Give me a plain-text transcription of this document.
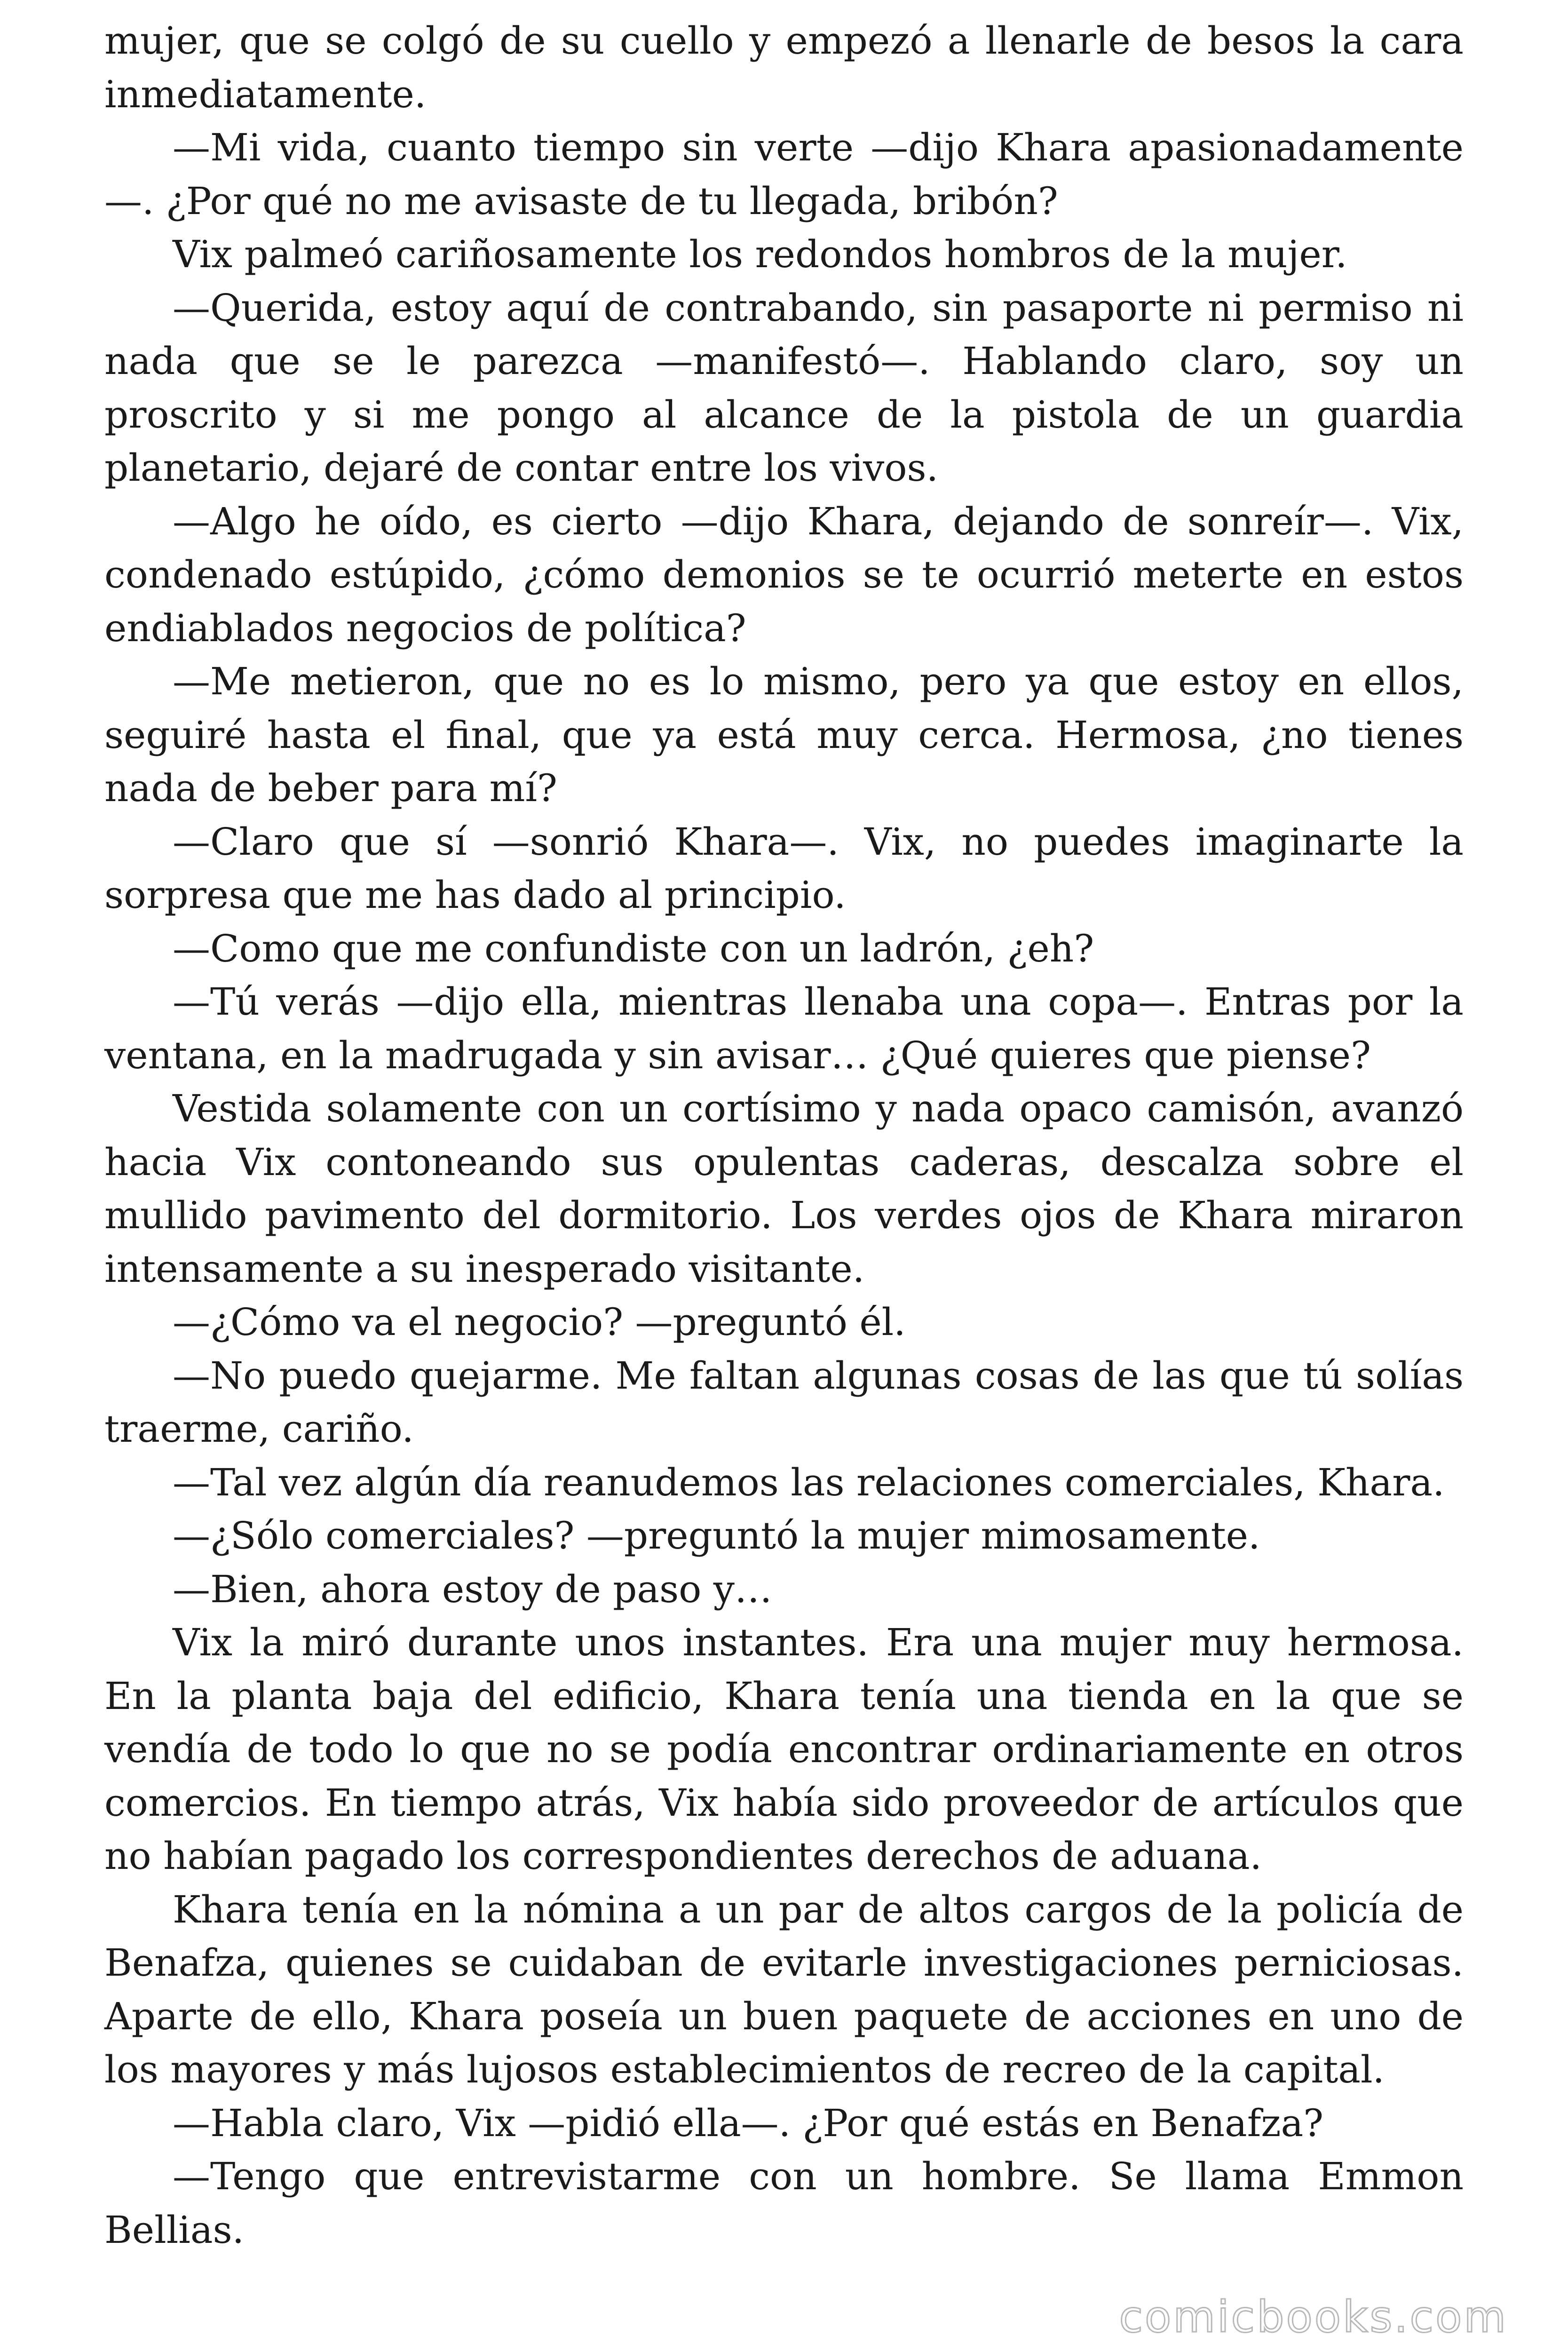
mujer, que se colgó de su cuello y empezó a llenarle de besos la cara inmediatamente.

—Mi vida, cuanto tiempo sin verte —dijo Khara apasionadamente —. ¿Por qué no me avisaste de tu llegada, bribón?

Vix palmeó cariñosamente los redondos hombros de la mujer.

—Querida, estoy aquí de contrabando, sin pasaporte ni permiso ni nada que se le parezca —manifestó—. Hablando claro, soy un proscrito y si me pongo al alcance de la pistola de un guardia planetario, dejaré de contar entre los vivos.

—Algo he oído, es cierto —dijo Khara, dejando de sonreír—. Vix, condenado estúpido, ¿cómo demonios se te ocurrió meterte en estos endiablados negocios de política?

—Me metieron, que no es lo mismo, pero ya que estoy en ellos, seguiré hasta el final, que ya está muy cerca. Hermosa, ¿no tienes nada de beber para mí?

—Claro que sí —sonrió Khara—. Vix, no puedes imaginarte la sorpresa que me has dado al principio.

—Como que me confundiste con un ladrón, ¿eh?

—Tú verás —dijo ella, mientras llenaba una copa—. Entras por la ventana, en la madrugada y sin avisar… ¿Qué quieres que piense?

Vestida solamente con un cortísimo y nada opaco camisón, avanzó hacia Vix contoneando sus opulentas caderas, descalza sobre el mullido pavimento del dormitorio. Los verdes ojos de Khara miraron intensamente a su inesperado visitante.

—¿Cómo va el negocio? —preguntó él.

—No puedo quejarme. Me faltan algunas cosas de las que tú solías traerme, cariño.

—Tal vez algún día reanudemos las relaciones comerciales, Khara.

—¿Sólo comerciales? —preguntó la mujer mimosamente.

—Bien, ahora estoy de paso y…

Vix la miró durante unos instantes. Era una mujer muy hermosa. En la planta baja del edificio, Khara tenía una tienda en la que se vendía de todo lo que no se podía encontrar ordinariamente en otros comercios. En tiempo atrás, Vix había sido proveedor de artículos que no habían pagado los correspondientes derechos de aduana.

Khara tenía en la nómina a un par de altos cargos de la policía de Benafza, quienes se cuidaban de evitarle investigaciones perniciosas. Aparte de ello, Khara poseía un buen paquete de acciones en uno de los mayores y más lujosos establecimientos de recreo de la capital.

—Habla claro, Vix —pidió ella—. ¿Por qué estás en Benafza?

—Tengo que entrevistarme con un hombre. Se llama Emmon Bellias.

comicbooks.com
